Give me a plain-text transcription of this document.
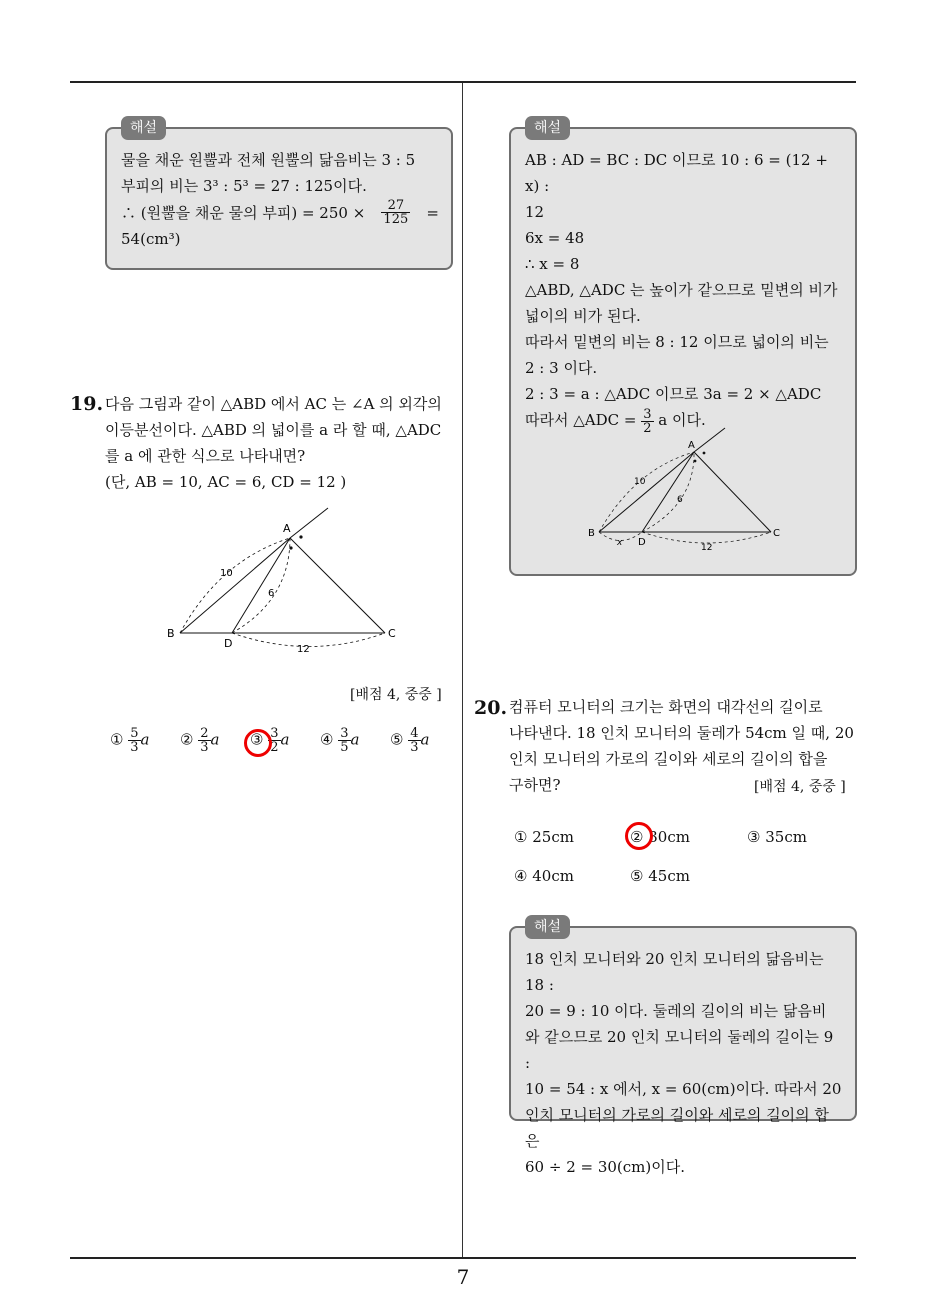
7
해설

물을 채운 원뿔과 전체 원뿔의 닮음비는 3 : 5

부피의 비는 3³ : 5³ = 27 : 125이다.

∴ (원뿔을 채운 물의 부피) = $250 \times \frac{27}{125}$ =

54(cm³)

19. 다음 그림과 같이 △ABD 에서 AC 는 ∠A 의 외각의

이등분선이다. △ABD 의 넓이를 a 라 할 때, △ADC

를 a 에 관한 식으로 나타내면?

(단, AB = 10, AC = 6, CD = 12 )

A
B	C
D
10
6
12
[배점 4, 중중 ]
① $\frac{5}{3}$ a ② $\frac{2}{3}$ a ③ $\frac{3}{2}$ a ④ $\frac{3}{5}$ a ⑤ $\frac{4}{3}$ a
해설

AB : AD = BC : DC 이므로 10 : 6 = (12 + x) :

12

6x = 48

∴ x = 8

△ABD, △ADC 는 높이가 같으므로 밑변의 비가

넓이의 비가 된다.

따라서 밑변의 비는 8 : 12 이므로 넓이의 비는

2 : 3 이다.

2 : 3 = a : △ADC 이므로 3a = 2 × △ADC

따라서 △ADC = $\frac{3}{2}$ a 이다.

A
B	C
D
10
6
x	12
20. 컴퓨터 모니터의 크기는 화면의 대각선의 길이로

나타낸다. 18 인치 모니터의 둘레가 54cm 일 때, 20

인치 모니터의 가로의 길이와 세로의 길이의 합을

구하면?	[배점 4, 중중 ]
① 25cm	② 30cm	③ 35cm
④ 40cm	⑤ 45cm
해설

18 인치 모니터와 20 인치 모니터의 닮음비는 18 :

20 = 9 : 10 이다. 둘레의 길이의 비는 닮음비

와 같으므로 20 인치 모니터의 둘레의 길이는 9 :

10 = 54 : x 에서, x = 60(cm)이다. 따라서 20

인치 모니터의 가로의 길이와 세로의 길이의 합은

60 ÷ 2 = 30(cm)이다.
